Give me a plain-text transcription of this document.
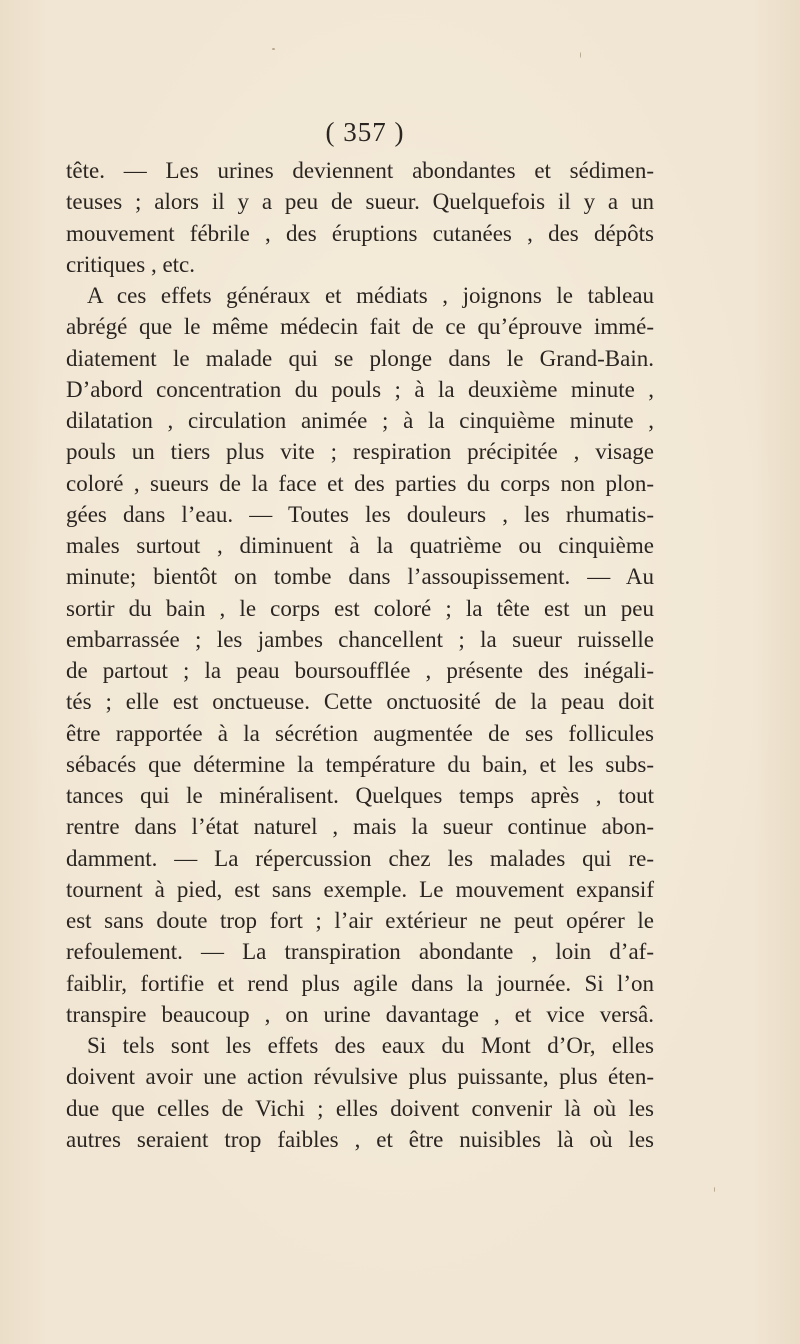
( 357 )
tête. — Les urines deviennent abondantes et sédimen-
teuses ; alors il y a peu de sueur. Quelquefois il y a un
mouvement fébrile , des éruptions cutanées , des dépôts
critiques , etc.
A ces effets généraux et médiats , joignons le tableau
abrégé que le même médecin fait de ce qu’éprouve immé-
diatement le malade qui se plonge dans le Grand-Bain.
D’abord concentration du pouls ; à la deuxième minute ,
dilatation , circulation animée ; à la cinquième minute ,
pouls un tiers plus vite ; respiration précipitée , visage
coloré , sueurs de la face et des parties du corps non plon-
gées dans l’eau. — Toutes les douleurs , les rhumatis-
males surtout , diminuent à la quatrième ou cinquième
minute; bientôt on tombe dans l’assoupissement. — Au
sortir du bain , le corps est coloré ; la tête est un peu
embarrassée ; les jambes chancellent ; la sueur ruisselle
de partout ; la peau boursoufflée , présente des inégali-
tés ; elle est onctueuse. Cette onctuosité de la peau doit
être rapportée à la sécrétion augmentée de ses follicules
sébacés que détermine la température du bain, et les subs-
tances qui le minéralisent. Quelques temps après , tout
rentre dans l’état naturel , mais la sueur continue abon-
damment. — La répercussion chez les malades qui re-
tournent à pied, est sans exemple. Le mouvement expansif
est sans doute trop fort ; l’air extérieur ne peut opérer le
refoulement. — La transpiration abondante , loin d’af-
faiblir, fortifie et rend plus agile dans la journée. Si l’on
transpire beaucoup , on urine davantage , et vice versâ.
Si tels sont les effets des eaux du Mont d’Or, elles
doivent avoir une action révulsive plus puissante, plus éten-
due que celles de Vichi ; elles doivent convenir là où les
autres seraient trop faibles , et être nuisibles là où les
